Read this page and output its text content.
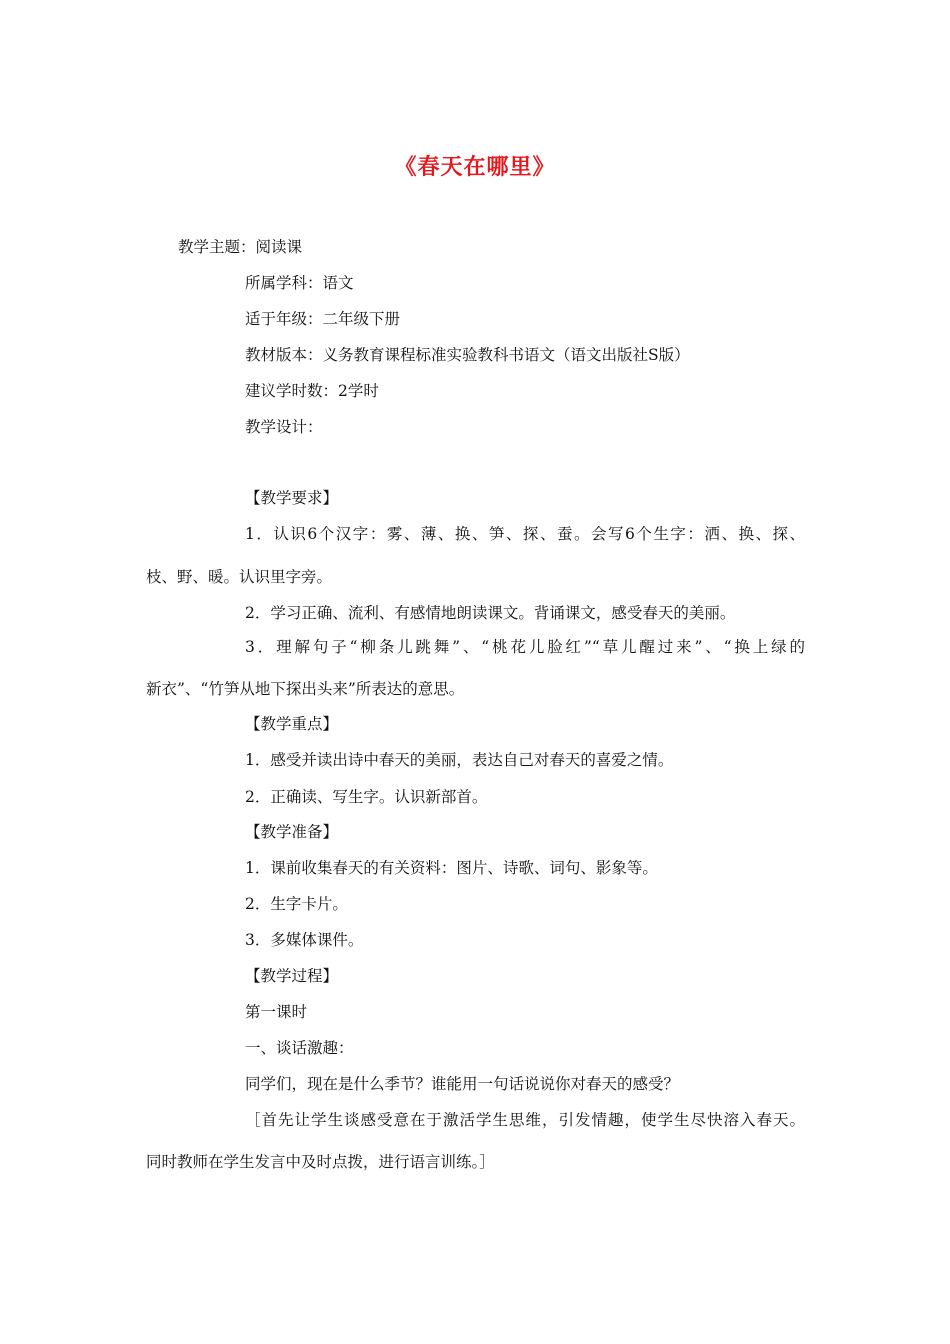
《春天在哪里》
教学主题：阅读课
所属学科：语文
适于年级：二年级下册
教材版本：义务教育课程标准实验教科书语文（语文出版社S版）
建议学时数：2学时
教学设计：
【教学要求】
1．认识6个汉字：雾、薄、换、笋、探、蚕。会写6个生字：洒、换、探、
枝、野、暖。认识里字旁。
2．学习正确、流利、有感情地朗读课文。背诵课文，感受春天的美丽。
3．理解句子“柳条儿跳舞”、“桃花儿脸红”“草儿醒过来”、“换上绿的
新衣”、“竹笋从地下探出头来”所表达的意思。
【教学重点】
1．感受并读出诗中春天的美丽，表达自己对春天的喜爱之情。
2．正确读、写生字。认识新部首。
【教学准备】
1．课前收集春天的有关资料：图片、诗歌、词句、影象等。
2．生字卡片。
3．多媒体课件。
【教学过程】
第一课时
一、谈话激趣：
同学们，现在是什么季节？谁能用一句话说说你对春天的感受？
［首先让学生谈感受意在于激活学生思维，引发情趣，使学生尽快溶入春天。
同时教师在学生发言中及时点拨，进行语言训练。］
